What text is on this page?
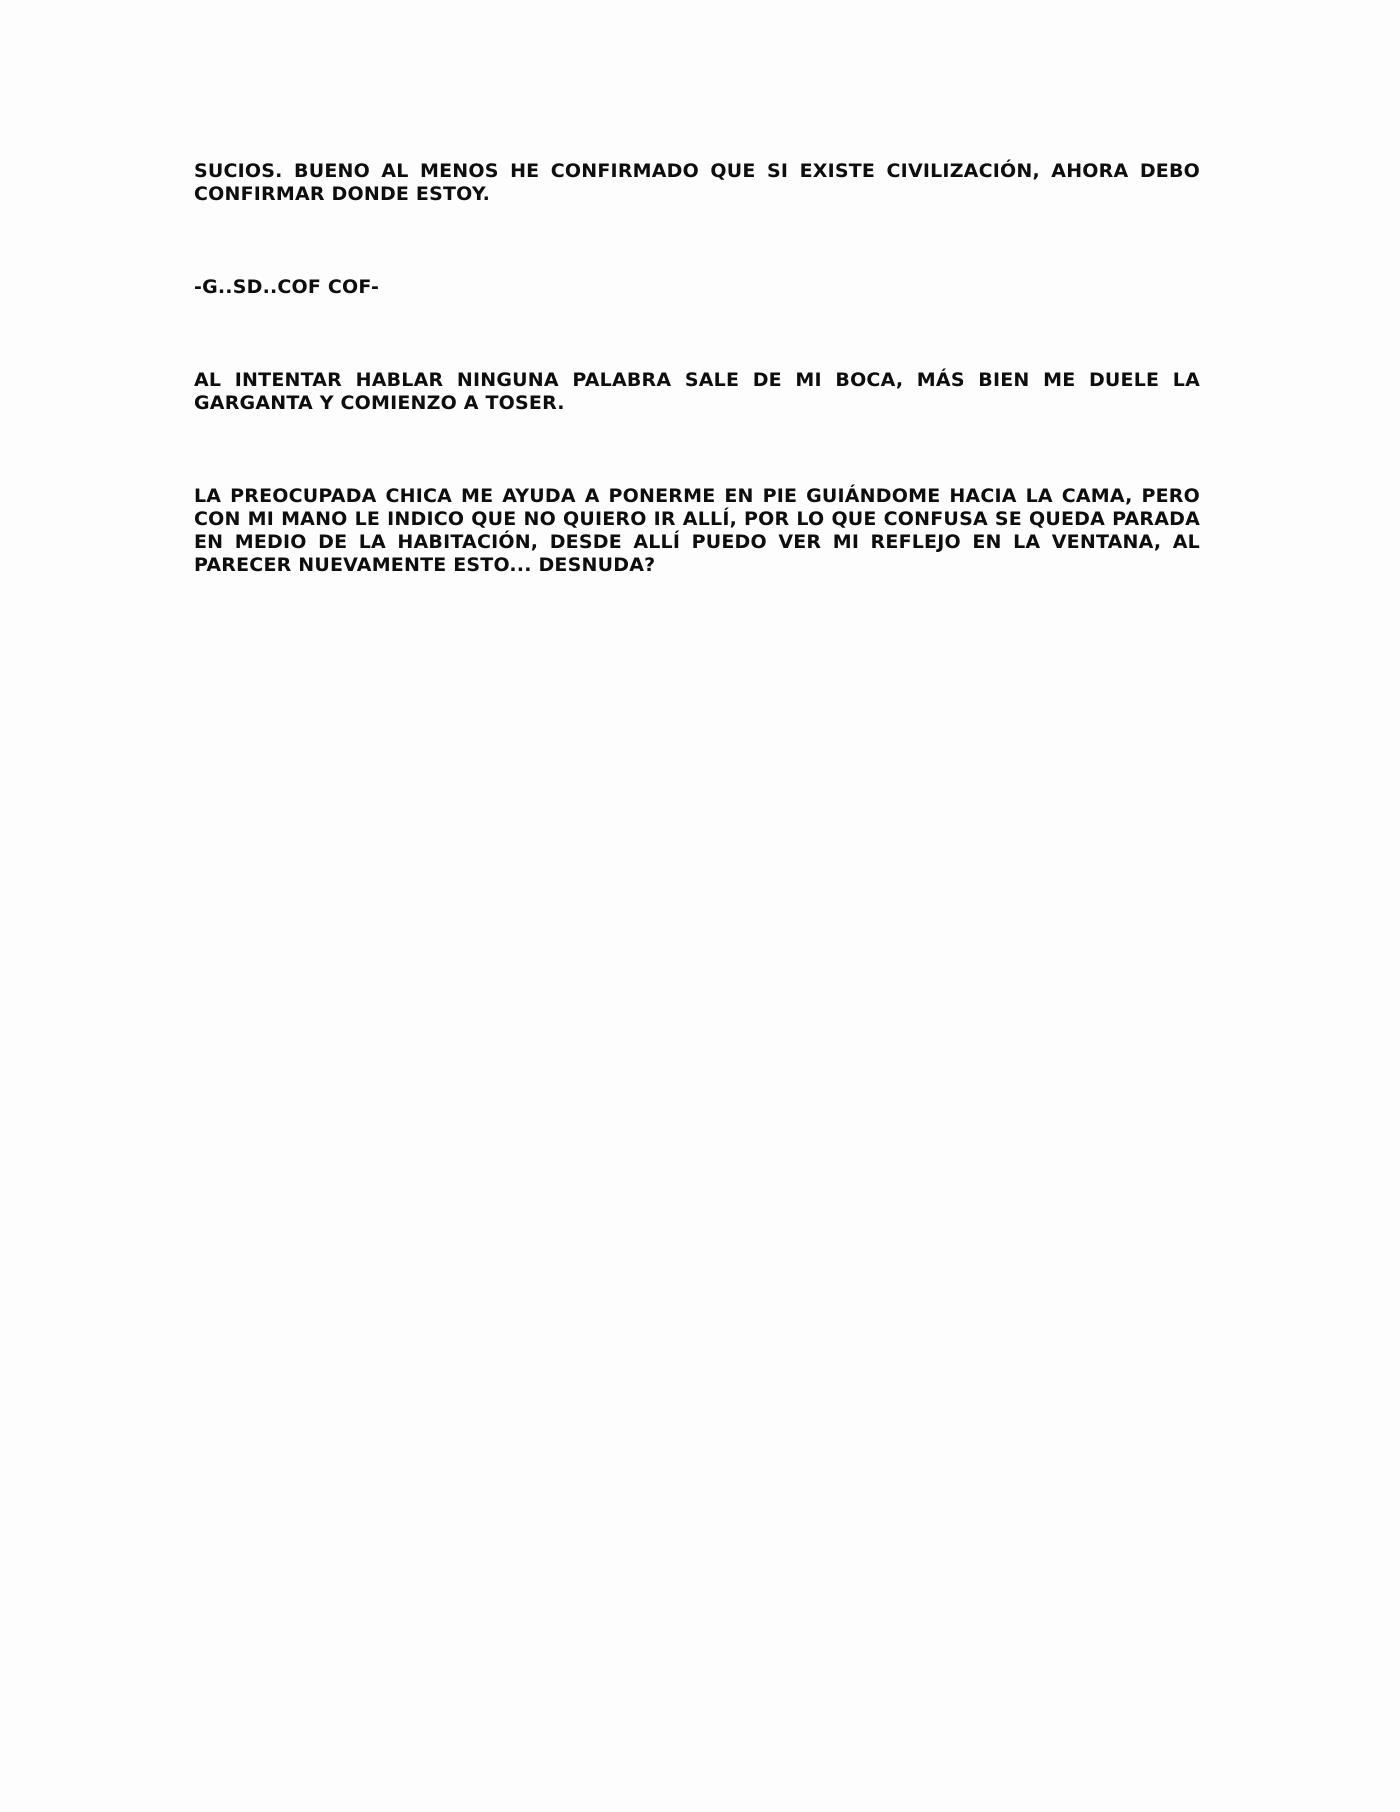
SUCIOS. BUENO AL MENOS HE CONFIRMADO QUE SI EXISTE CIVILIZACIÓN, AHORA DEBO CONFIRMAR DONDE ESTOY.

-G..SD..COF COF-

AL INTENTAR HABLAR NINGUNA PALABRA SALE DE MI BOCA, MÁS BIEN ME DUELE LA GARGANTA Y COMIENZO A TOSER.

LA PREOCUPADA CHICA ME AYUDA A PONERME EN PIE GUIÁNDOME HACIA LA CAMA, PERO CON MI MANO LE INDICO QUE NO QUIERO IR ALLÍ, POR LO QUE CONFUSA SE QUEDA PARADA EN MEDIO DE LA HABITACIÓN, DESDE ALLÍ PUEDO VER MI REFLEJO EN LA VENTANA, AL PARECER NUEVAMENTE ESTO... DESNUDA?
